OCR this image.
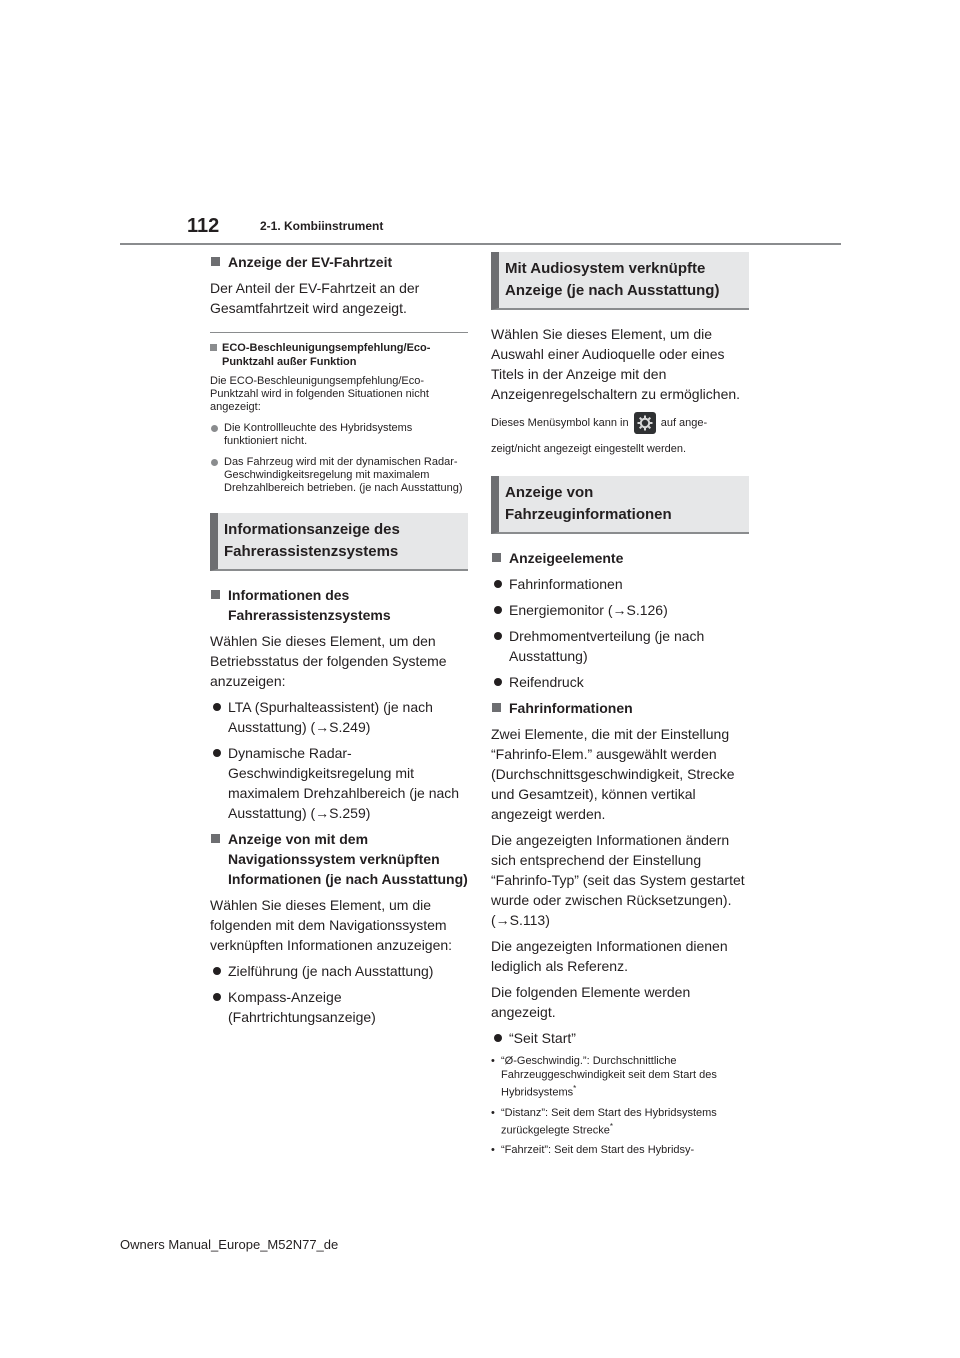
112	2-1. Kombiinstrument
Anzeige der EV-Fahrtzeit
Der Anteil der EV-Fahrtzeit an der Gesamtfahrtzeit wird angezeigt.
ECO-Beschleunigungsempfehlung/Eco-Punktzahl außer Funktion
Die ECO-Beschleunigungsempfehlung/Eco-Punktzahl wird in folgenden Situationen nicht angezeigt:
Die Kontrollleuchte des Hybridsystems funktioniert nicht.
Das Fahrzeug wird mit der dynamischen Radar-Geschwindigkeitsregelung mit maximalem Drehzahlbereich betrieben. (je nach Ausstattung)
Informationsanzeige des Fahrerassistenzsystems
Informationen des Fahrerassistenzsystems
Wählen Sie dieses Element, um den Betriebsstatus der folgenden Systeme anzuzeigen:
LTA (Spurhalteassistent) (je nach Ausstattung) (→S.249)
Dynamische Radar-Geschwindigkeitsregelung mit maximalem Drehzahlbereich (je nach Ausstattung) (→S.259)
Anzeige von mit dem Navigationssystem verknüpften Informationen (je nach Ausstattung)
Wählen Sie dieses Element, um die folgenden mit dem Navigationssystem verknüpften Informationen anzuzeigen:
Zielführung (je nach Ausstattung)
Kompass-Anzeige (Fahrtrichtungsanzeige)
Mit Audiosystem verknüpfte Anzeige (je nach Ausstattung)
Wählen Sie dieses Element, um die Auswahl einer Audioquelle oder eines Titels in der Anzeige mit den Anzeigenregelschaltern zu ermöglichen.
Dieses Menüsymbol kann in	auf ange-
zeigt/nicht angezeigt eingestellt werden.
Anzeige von Fahrzeuginformationen
Anzeigeelemente
Fahrinformationen
Energiemonitor (→S.126)
Drehmomentverteilung (je nach Ausstattung)
Reifendruck
Fahrinformationen
Zwei Elemente, die mit der Einstellung “Fahrinfo-Elem.” ausgewählt werden (Durchschnittsgeschwindigkeit, Strecke und Gesamtzeit), können vertikal angezeigt werden.
Die angezeigten Informationen ändern sich entsprechend der Einstellung “Fahrinfo-Typ” (seit das System gestartet wurde oder zwischen Rücksetzungen). (→S.113)
Die angezeigten Informationen dienen lediglich als Referenz.
Die folgenden Elemente werden angezeigt.
“Seit Start”
• “Ø-Geschwindig.”: Durchschnittliche Fahrzeuggeschwindigkeit seit dem Start des Hybridsystems*
• “Distanz”: Seit dem Start des Hybridsystems zurückgelegte Strecke*
• “Fahrzeit”: Seit dem Start des Hybridsy-
Owners Manual_Europe_M52N77_de
